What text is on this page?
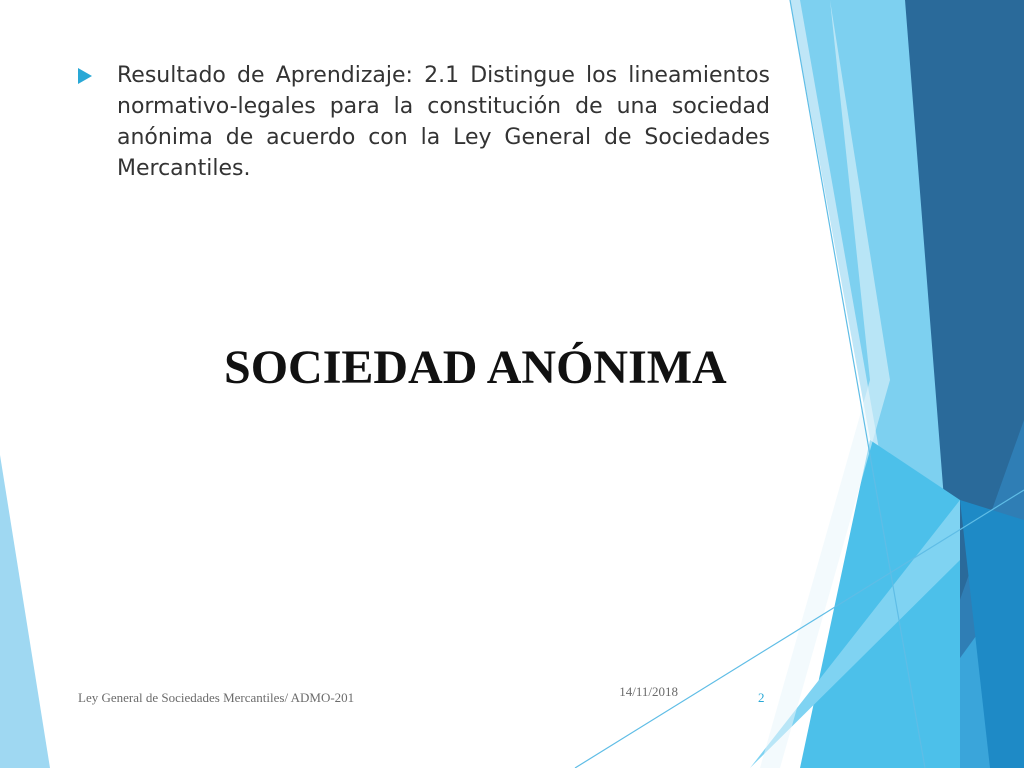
Resultado de Aprendizaje: 2.1 Distingue los lineamientos normativo-legales para la constitución de una sociedad anónima de acuerdo con la Ley General de Sociedades Mercantiles.
SOCIEDAD ANÓNIMA
Ley General de Sociedades Mercantiles/ ADMO-201	14/11/2018	2
